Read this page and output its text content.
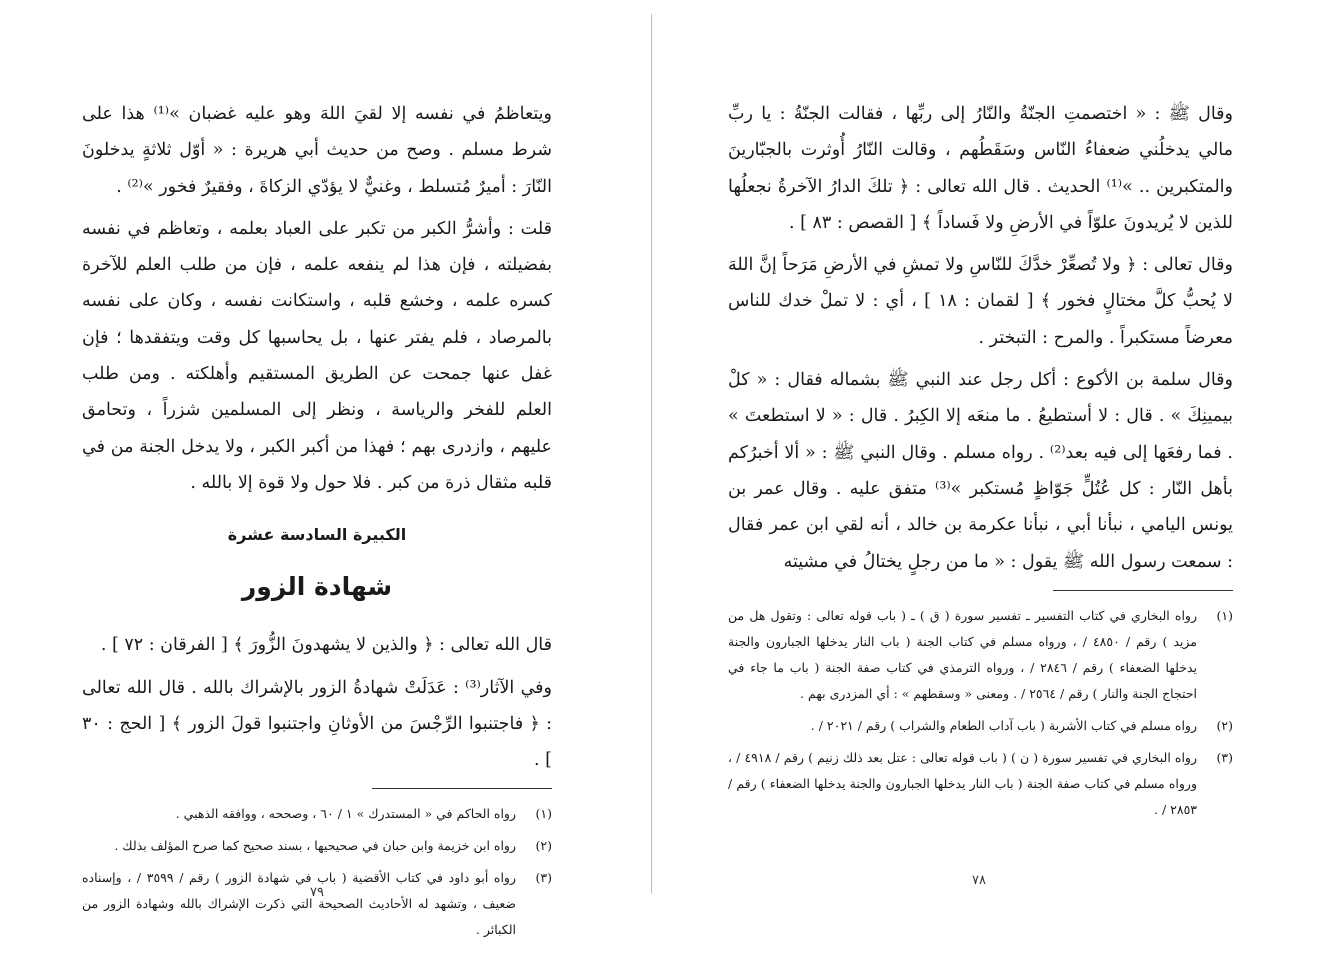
ويتعاظمُ في نفسه إلا لقيَ اللهَ وهو عليه غضبان »⁽¹⁾ هذا على شرط مسلم . وصح من حديث أبي هريرة : « أوّل ثلاثةٍ يدخلونَ النّارَ : أميرٌ مُتسلط ، وغنيٌّ لا يؤدّي الزكاةَ ، وفقيرٌ فخور »⁽²⁾ .

قلت : وأشرُّ الكبر من تكبر على العباد بعلمه ، وتعاظم في نفسه بفضيلته ، فإن هذا لم ينفعه علمه ، فإن من طلب العلم للآخرة كسره علمه ، وخشع قلبه ، واستكانت نفسه ، وكان على نفسه بالمرصاد ، فلم يفتر عنها ، بل يحاسبها كل وقت ويتفقدها ؛ فإن غفل عنها جمحت عن الطريق المستقيم وأهلكته . ومن طلب العلم للفخر والرياسة ، ونظر إلى المسلمين شزراً ، وتحامق عليهم ، وازدرى بهم ؛ فهذا من أكبر الكبر ، ولا يدخل الجنة من في قلبه مثقال ذرة من كبر . فلا حول ولا قوة إلا بالله .

الكبيرة السادسة عشرة
شهادة الزور

قال الله تعالى : ﴿ والذين لا يشهدونَ الزُّورَ ﴾ [ الفرقان : ٧٢ ] .

وفي الآثار⁽³⁾ : عَدَلَتْ شهادةُ الزور بالإشراك بالله . قال الله تعالى : ﴿ فاجتنبوا الرِّجْسَ من الأوثانِ واجتنبوا قولَ الزور ﴾ [ الحج : ٣٠ ] .

(١)
رواه الحاكم في « المستدرك » ١ / ٦٠ ، وصححه ، ووافقه الذهبي .
(٢)
رواه ابن خزيمة وابن حبان في صحيحيها ، بسند صحيح كما صرح المؤلف بذلك .
(٣)
رواه أبو داود في كتاب الأقضية ( باب في شهادة الزور ) رقم / ٣٥٩٩ / ، وإسناده ضعيف ، وتشهد له الأحاديث الصحيحة التي ذكرت الإشراك بالله وشهادة الزور من الكبائر .
٧٩

وقال ﷺ : « اختصمتِ الجنّةُ والنّارُ إلى ربِّها ، فقالت الجنّةُ : يا ربِّ مالي يدخلُني ضعفاءُ النّاس وسَقَطُهم ، وقالت النّارُ أُوثرت بالجبّارينَ والمتكبرين .. »⁽¹⁾ الحديث . قال الله تعالى : ﴿ تلكَ الدارُ الآخرةُ نجعلُها للذين لا يُريدونَ علوّاً في الأرضِ ولا فَساداً ﴾ [ القصص : ٨٣ ] .

وقال تعالى : ﴿ ولا تُصعِّرْ خدَّكَ للنّاسِ ولا تمشِ في الأرضِ مَرَحاً إنَّ اللهَ لا يُحبُّ كلَّ مختالٍ فخور ﴾ [ لقمان : ١٨ ] ، أي : لا تملْ خدك للناس معرضاً مستكبراً . والمرح : التبختر .

وقال سلمة بن الأكوع : أكل رجل عند النبي ﷺ بشماله فقال : « كلْ بيمينِكَ » . قال : لا أستطيعُ . ما منعَه إلا الكِبرُ . قال : « لا استطعتَ » . فما رفعَها إلى فيه بعد⁽²⁾ . رواه مسلم . وقال النبي ﷺ : « ألا أخبرُكم بأهل النّار : كل عُتُلٍّ جَوّاظٍ مُستكبر »⁽³⁾ متفق عليه . وقال عمر بن يونس اليامي ، نبأنا أبي ، نبأنا عكرمة بن خالد ، أنه لقي ابن عمر فقال : سمعت رسول الله ﷺ يقول : « ما من رجلٍ يختالُ في مشيته

(١)
رواه البخاري في كتاب التفسير ـ تفسير سورة ( ق ) ـ ( باب قوله تعالى : وتقول هل من مزيد ) رقم / ٤٨٥٠ / ، ورواه مسلم في كتاب الجنة ( باب النار يدخلها الجبارون والجنة يدخلها الضعفاء ) رقم / ٢٨٤٦ / ، ورواه الترمذي في كتاب صفة الجنة ( باب ما جاء في احتجاج الجنة والنار ) رقم / ٢٥٦٤ / . ومعنى « وسقطهم » : أي المزدرى بهم .
(٢)
رواه مسلم في كتاب الأشربة ( باب آداب الطعام والشراب ) رقم / ٢٠٢١ / .
(٣)
رواه البخاري في تفسير سورة ( ن ) ( باب قوله تعالى : عتل بعد ذلك زنيم ) رقم / ٤٩١٨ / ، ورواه مسلم في كتاب صفة الجنة ( باب النار يدخلها الجبارون والجنة يدخلها الضعفاء ) رقم / ٢٨٥٣ / .
٧٨
